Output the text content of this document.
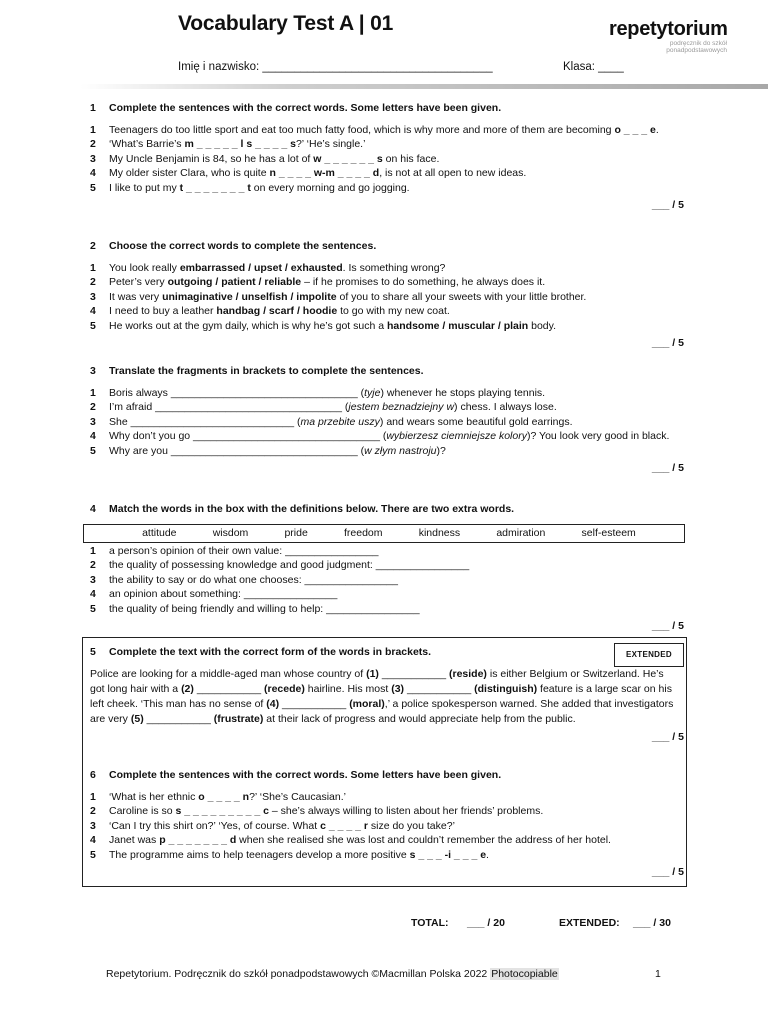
Vocabulary Test A | 01	repetytorium
podręcznik do szkół
ponadpodstawowych
Imię i nazwisko: ____________________________________	Klasa: ____
1 Complete the sentences with the correct words. Some letters have been given.
1 Teenagers do too little sport and eat too much fatty food, which is why more and more of them are becoming o _ _ _ e.
2 ‘What’s Barrie’s m _ _ _ _ _ l s _ _ _ _ s?’ ‘He’s single.’
3 My Uncle Benjamin is 84, so he has a lot of w _ _ _ _ _ _ s on his face.
4 My older sister Clara, who is quite n _ _ _ _ w-m _ _ _ _ d, is not at all open to new ideas.
5 I like to put my t _ _ _ _ _ _ _ t on every morning and go jogging.
___ / 5
2 Choose the correct words to complete the sentences.
1 You look really embarrassed / upset / exhausted. Is something wrong?
2 Peter’s very outgoing / patient / reliable – if he promises to do something, he always does it.
3 It was very unimaginative / unselfish / impolite of you to share all your sweets with your little brother.
4 I need to buy a leather handbag / scarf / hoodie to go with my new coat.
5 He works out at the gym daily, which is why he’s got such a handsome / muscular / plain body.
___ / 5
3 Translate the fragments in brackets to complete the sentences.
1 Boris always ________________________________ (tyje) whenever he stops playing tennis.
2 I’m afraid ________________________________ (jestem beznadziejny w) chess. I always lose.
3 She ____________________________ (ma przebite uszy) and wears some beautiful gold earrings.
4 Why don’t you go ________________________________ (wybierzesz ciemniejsze kolory)? You look very good in black.
5 Why are you ________________________________ (w złym nastroju)?
___ / 5
4 Match the words in the box with the definitions below. There are two extra words.
1 a person’s opinion of their own value: ________________
2 the quality of possessing knowledge and good judgment: ________________
3 the ability to say or do what one chooses: ________________
4 an opinion about something: ________________
5 the quality of being friendly and willing to help: ________________
___ / 5
5 Complete the text with the correct form of the words in brackets.
Police are looking for a middle-aged man whose country of (1) ___________ (reside) is either Belgium or Switzerland. He’s got long hair with a (2) ___________ (recede) hairline. His most (3) ___________ (distinguish) feature is a large scar on his left cheek. ‘This man has no sense of (4) ___________ (moral),’ a police spokesperson warned. She added that investigators are very (5) ___________ (frustrate) at their lack of progress and would appreciate help from the public.
___ / 5
6 Complete the sentences with the correct words. Some letters have been given.
1 ‘What is her ethnic o _ _ _ _ n?’ ‘She’s Caucasian.’
2 Caroline is so s _ _ _ _ _ _ _ _ _ c – she’s always willing to listen about her friends’ problems.
3 ‘Can I try this shirt on?’ ‘Yes, of course. What c _ _ _ _ r size do you take?’
4 Janet was p _ _ _ _ _ _ _ d when she realised she was lost and couldn’t remember the address of her hotel.
5 The programme aims to help teenagers develop a more positive s _ _ _ -i _ _ _ e.
___ / 5
attitude	wisdom	pride	freedom	kindness	admiration	self-esteem
EXTENDED
TOTAL: ___ / 20	EXTENDED: ___ / 30
Repetytorium. Podręcznik do szkół ponadpodstawowych ©Macmillan Polska 2022 Photocopiable	1
